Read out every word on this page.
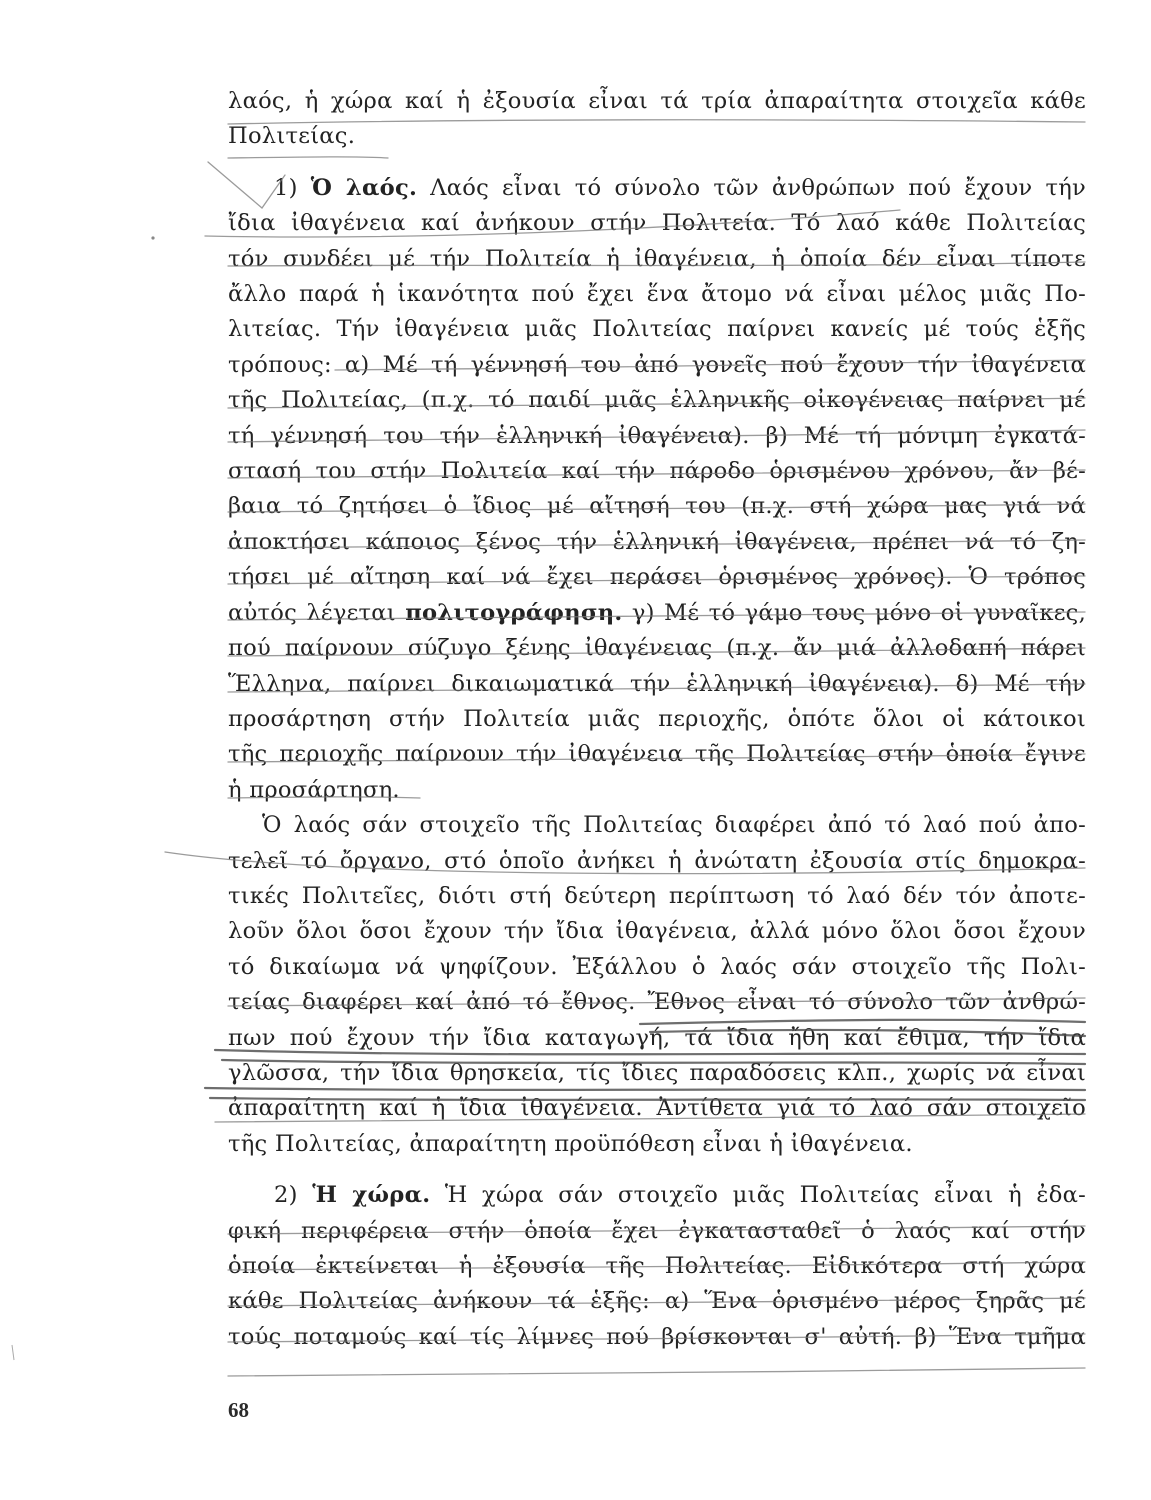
λαός, ἡ χώρα καί ἡ ἐξουσία εἶναι τά τρία ἀπαραίτητα στοιχεῖα κάθε
Πολιτείας.
1) Ὁ λαός. Λαός εἶναι τό σύνολο τῶν ἀνθρώπων πού ἔχουν τήν
ἴδια ἰθαγένεια καί ἀνήκουν στήν Πολιτεία. Τό λαό κάθε Πολιτείας
τόν συνδέει μέ τήν Πολιτεία ἡ ἰθαγένεια, ἡ ὁποία δέν εἶναι τίποτε
ἄλλο παρά ἡ ἱκανότητα πού ἔχει ἕνα ἄτομο νά εἶναι μέλος μιᾶς Πο-
λιτείας. Τήν ἰθαγένεια μιᾶς Πολιτείας παίρνει κανείς μέ τούς ἑξῆς
τρόπους: α) Μέ τή γέννησή του ἀπό γονεῖς πού ἔχουν τήν ἰθαγένεια
τῆς Πολιτείας, (π.χ. τό παιδί μιᾶς ἑλληνικῆς οἰκογένειας παίρνει μέ
τή γέννησή του τήν ἑλληνική ἰθαγένεια). β) Μέ τή μόνιμη ἐγκατά-
στασή του στήν Πολιτεία καί τήν πάροδο ὁρισμένου χρόνου, ἄν βέ-
βαια τό ζητήσει ὁ ἴδιος μέ αἴτησή του (π.χ. στή χώρα μας γιά νά
ἀποκτήσει κάποιος ξένος τήν ἑλληνική ἰθαγένεια, πρέπει νά τό ζη-
τήσει μέ αἴτηση καί νά ἔχει περάσει ὁρισμένος χρόνος). Ὁ τρόπος
αὐτός λέγεται πολιτογράφηση. γ) Μέ τό γάμο τους μόνο οἱ γυναῖκες,
πού παίρνουν σύζυγο ξένης ἰθαγένειας (π.χ. ἄν μιά ἀλλοδαπή πάρει
Ἕλληνα, παίρνει δικαιωματικά τήν ἑλληνική ἰθαγένεια). δ) Μέ τήν
προσάρτηση στήν Πολιτεία μιᾶς περιοχῆς, ὁπότε ὅλοι οἱ κάτοικοι
τῆς περιοχῆς παίρνουν τήν ἰθαγένεια τῆς Πολιτείας στήν ὁποία ἔγινε
ἡ προσάρτηση.
Ὁ λαός σάν στοιχεῖο τῆς Πολιτείας διαφέρει ἀπό τό λαό πού ἀπο-
τελεῖ τό ὄργανο, στό ὁποῖο ἀνήκει ἡ ἀνώτατη ἐξουσία στίς δημοκρα-
τικές Πολιτεῖες, διότι στή δεύτερη περίπτωση τό λαό δέν τόν ἀποτε-
λοῦν ὅλοι ὅσοι ἔχουν τήν ἴδια ἰθαγένεια, ἀλλά μόνο ὅλοι ὅσοι ἔχουν
τό δικαίωμα νά ψηφίζουν. Ἐξάλλου ὁ λαός σάν στοιχεῖο τῆς Πολι-
τείας διαφέρει καί ἀπό τό ἔθνος. Ἔθνος εἶναι τό σύνολο τῶν ἀνθρώ-
πων πού ἔχουν τήν ἴδια καταγωγή, τά ἴδια ἤθη καί ἔθιμα, τήν ἴδια
γλῶσσα, τήν ἴδια θρησκεία, τίς ἴδιες παραδόσεις κλπ., χωρίς νά εἶναι
ἀπαραίτητη καί ἡ ἴδια ἰθαγένεια. Ἀντίθετα γιά τό λαό σάν στοιχεῖο
τῆς Πολιτείας, ἀπαραίτητη προϋπόθεση εἶναι ἡ ἰθαγένεια.
2) Ἡ χώρα. Ἡ χώρα σάν στοιχεῖο μιᾶς Πολιτείας εἶναι ἡ ἐδα-
φική περιφέρεια στήν ὁποία ἔχει ἐγκατασταθεῖ ὁ λαός καί στήν
ὁποία ἐκτείνεται ἡ ἐξουσία τῆς Πολιτείας. Εἰδικότερα στή χώρα
κάθε Πολιτείας ἀνήκουν τά ἑξῆς: α) Ἕνα ὁρισμένο μέρος ξηρᾶς μέ
τούς ποταμούς καί τίς λίμνες πού βρίσκονται σ' αὐτή. β) Ἕνα τμῆμα
68
